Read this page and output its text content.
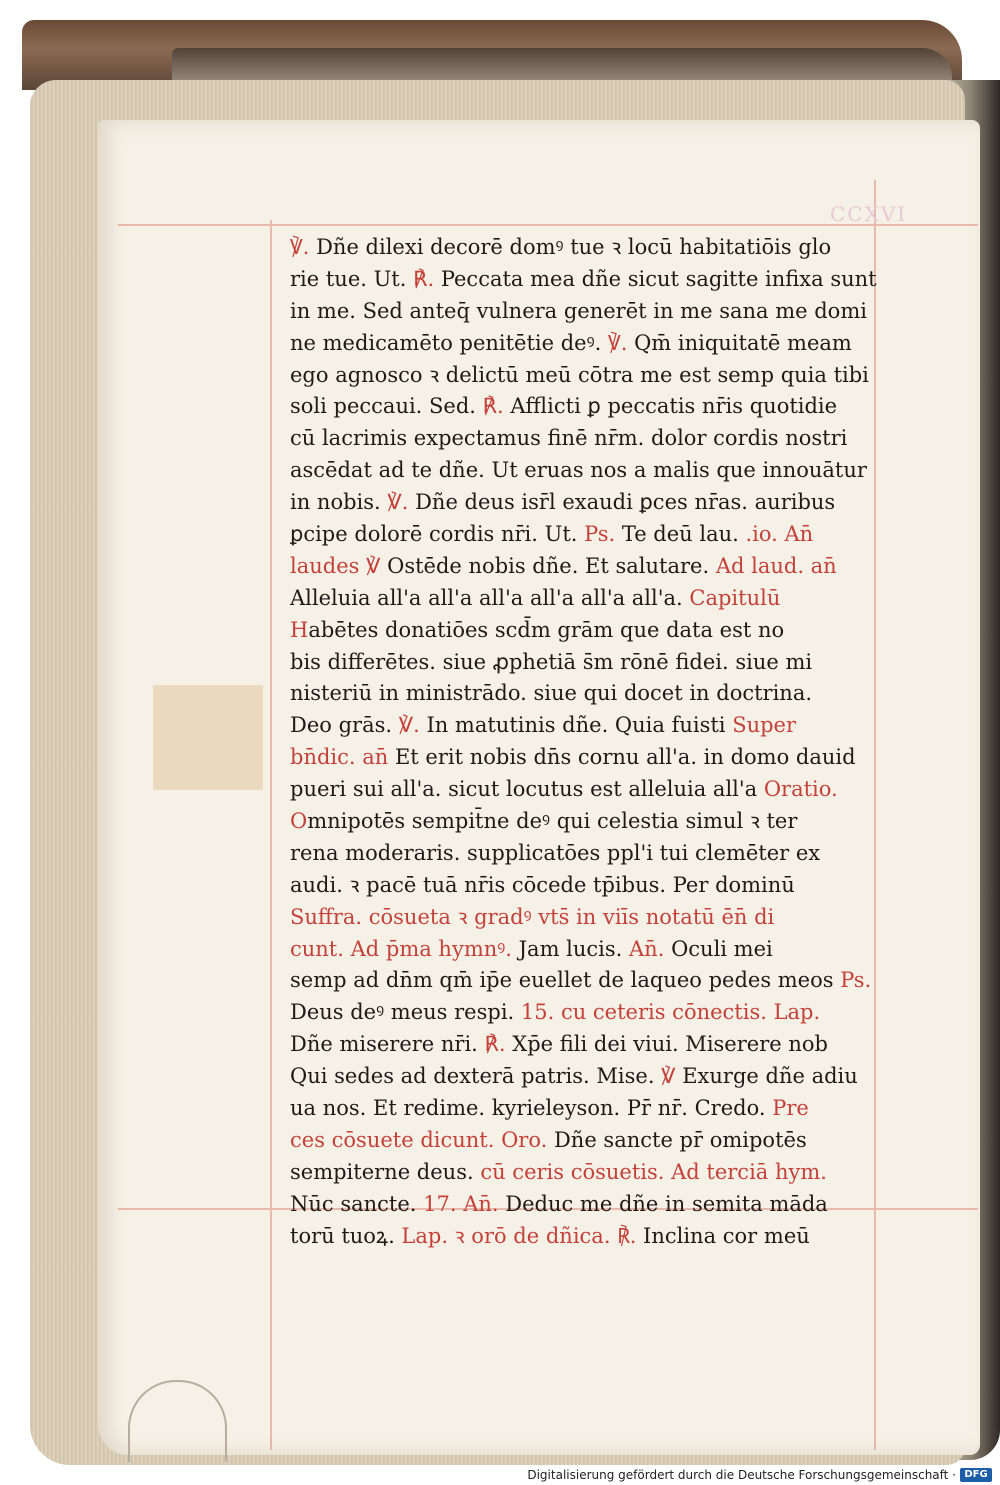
CCXVI
℣. Dñe dilexi decorē domꝰ tue ꝛ locū habitatiōis glo
rie tue. Ut. ℟. Peccata mea dñe sicut sagitte infixa sunt
in me. Sed anteq̄ vulnera generēt in me sana me domi
ne medicamēto penitētie deꝰ. ℣. Qm̄ iniquitatē meam
ego agnosco ꝛ delictū meū cōtra me est semp quia tibi
soli peccaui. Sed. ℟. Afflicti ꝑ peccatis nr̄is quotidie
cū lacrimis expectamus finē nr̄m. dolor cordis nostri
ascēdat ad te dñe. Ut eruas nos a malis que innouātur
in nobis. ℣. Dñe deus isr̄l exaudi ꝑces nr̄as. auribus
ꝑcipe dolorē cordis nr̄i. Ut. Ps. Te deū lau. .io. An̄
laudes ℣ Ostēde nobis dñe. Et salutare. Ad laud. an̄
Alleluia all'a all'a all'a all'a all'a all'a. Capitulū
Habētes donatiōes scd̄m grām que data est no
bis differētes. siue ꝓphetiā s̄m rōnē fidei. siue mi
nisteriū in ministrādo. siue qui docet in doctrina.
Deo grās. ℣. In matutinis dñe. Quia fuisti Super
bn̄dic. an̄ Et erit nobis dn̄s cornu all'a. in domo dauid
pueri sui all'a. sicut locutus est alleluia all'a Oratio.
Omnipotēs sempit̄ne deꝰ qui celestia simul ꝛ ter
rena moderaris. supplicatōes ppl'i tui clemēter ex
audi. ꝛ pacē tuā nr̄is cōcede tp̄ibus. Per dominū
Suffra. cōsueta ꝛ gradꝰ vts̄ in viīs notatū ēn̄ di
cunt. Ad p̄ma hymnꝰ. Jam lucis. An̄. Oculi mei
semp ad dn̄m qm̄ ip̄e euellet de laqueo pedes meos Ps.
Deus deꝰ meus respi. 15. cu ceteris cōnectis. Lap.
Dñe miserere nr̄i. ℟. Xp̄e fili dei viui. Miserere nob
Qui sedes ad dexterā patris. Mise. ℣ Exurge dñe adiu
ua nos. Et redime. kyrieleyson. Pr̄ nr̄. Credo. Pre
ces cōsuete dicunt. Oro. Dñe sancte pr̄ omipotēs
sempiterne deus. cū ceris cōsuetis. Ad terciā hym.
Nūc sancte. 17. An̄. Deduc me dñe in semita māda
torū tuoꝝ. Lap. ꝛ orō de dñica. ℟. Inclina cor meū
Digitalisierung gefördert durch die Deutsche Forschungsgemeinschaft · DFG
